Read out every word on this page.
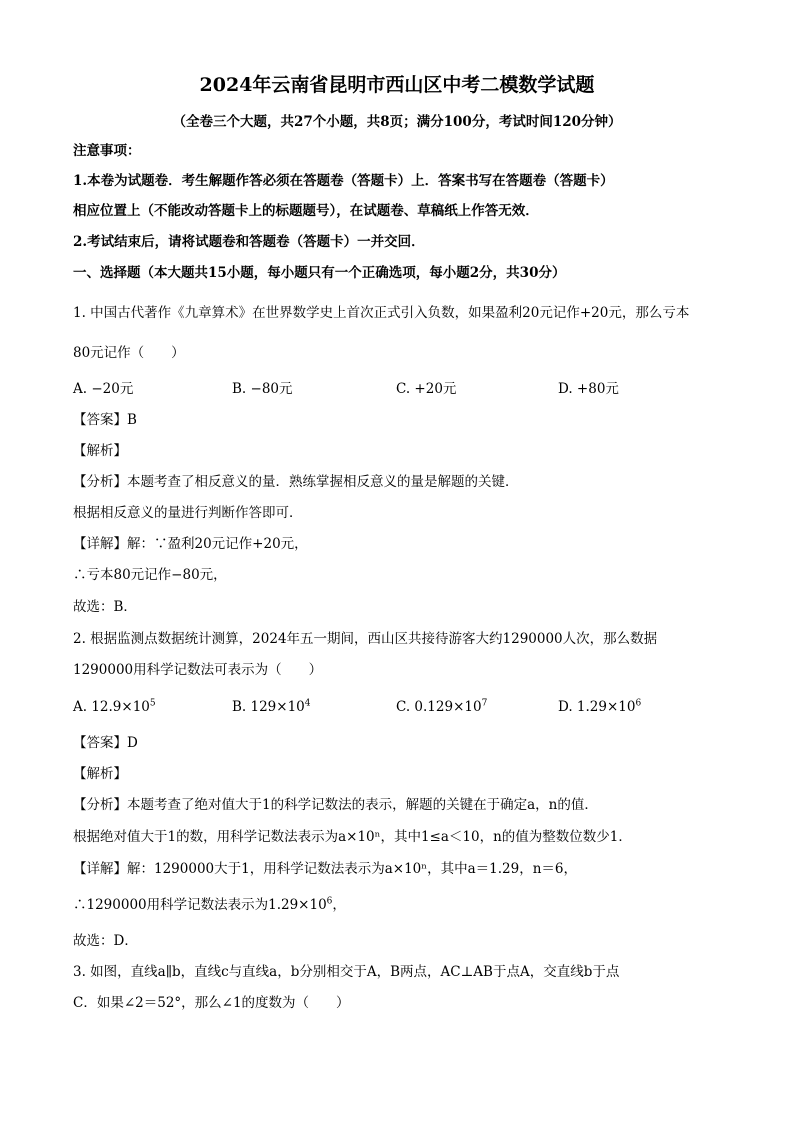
2024年云南省昆明市西山区中考二模数学试题
（全卷三个大题，共27个小题，共8页；满分100分，考试时间120分钟）
注意事项：
1.本卷为试题卷．考生解题作答必须在答题卷（答题卡）上．答案书写在答题卷（答题卡）
相应位置上（不能改动答题卡上的标题题号），在试题卷、草稿纸上作答无效．
2.考试结束后，请将试题卷和答题卷（答题卡）一并交回．
一、选择题（本大题共15小题，每小题只有一个正确选项，每小题2分，共30分）
1. 中国古代著作《九章算术》在世界数学史上首次正式引入负数，如果盈利20元记作+20元，那么亏本
80元记作（　　）
A. −20元	B. −80元	C. +20元	D. +80元
【答案】B
【解析】
【分析】本题考查了相反意义的量．熟练掌握相反意义的量是解题的关键．
根据相反意义的量进行判断作答即可．
【详解】解：∵盈利20元记作+20元，
∴亏本80元记作−80元，
故选：B．
2. 根据监测点数据统计测算，2024年五一期间，西山区共接待游客大约1290000人次，那么数据
1290000用科学记数法可表示为（　　）
A. $12.9\times 10^5$	B. $129\times 10^4$	C. $0.129\times 10^7$	D. $1.29\times 10^6$
【答案】D
【解析】
【分析】本题考查了绝对值大于1的科学记数法的表示，解题的关键在于确定a，n的值．
根据绝对值大于1的数，用科学记数法表示为a×10ⁿ，其中1≤a＜10，n的值为整数位数少1．
【详解】解：1290000大于1，用科学记数法表示为a×10ⁿ，其中a＝1.29，n＝6，
∴1290000用科学记数法表示为$1.29\times 10^6$，
故选：D．
3. 如图，直线a∥b，直线c与直线a，b分别相交于A，B两点，AC⊥AB于点A，交直线b于点
C．如果∠2＝52°，那么∠1的度数为（　　）
